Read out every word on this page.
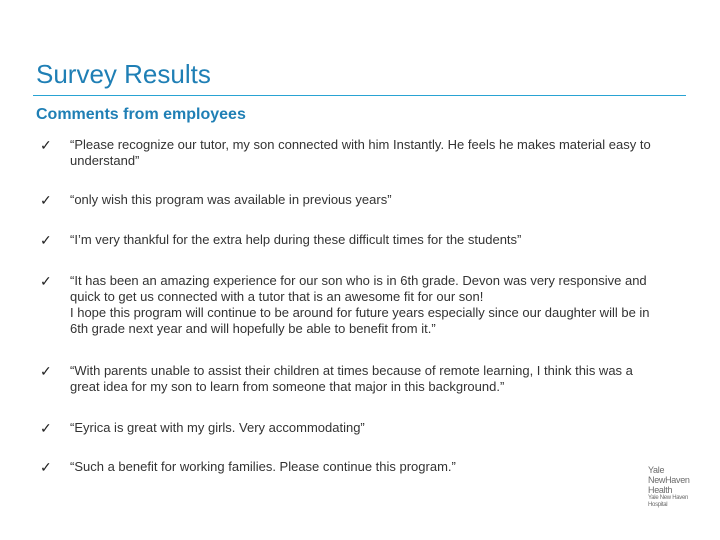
Survey Results
Comments from employees
✓ “Please recognize our tutor, my son connected with him Instantly. He feels he makes material easy to understand”
✓ “only wish this program was available in previous years”
✓ “I’m very thankful for the extra help during these difficult times for the students”
✓ “It has been an amazing experience for our son who is in 6th grade. Devon was very responsive and quick to get us connected with a tutor that is an awesome fit for our son!
I hope this program will continue to be around for future years especially since our daughter will be in 6th grade next year and will hopefully be able to benefit from it.”
✓ “With parents unable to assist their children at times because of remote learning, I think this was a great idea for my son to learn from someone that major in this background.”
✓ “Eyrica is great with my girls. Very accommodating”
✓ “Such a benefit for working families. Please continue this program.”	Yale
NewHaven
Health
Yale New Haven
Hospital
